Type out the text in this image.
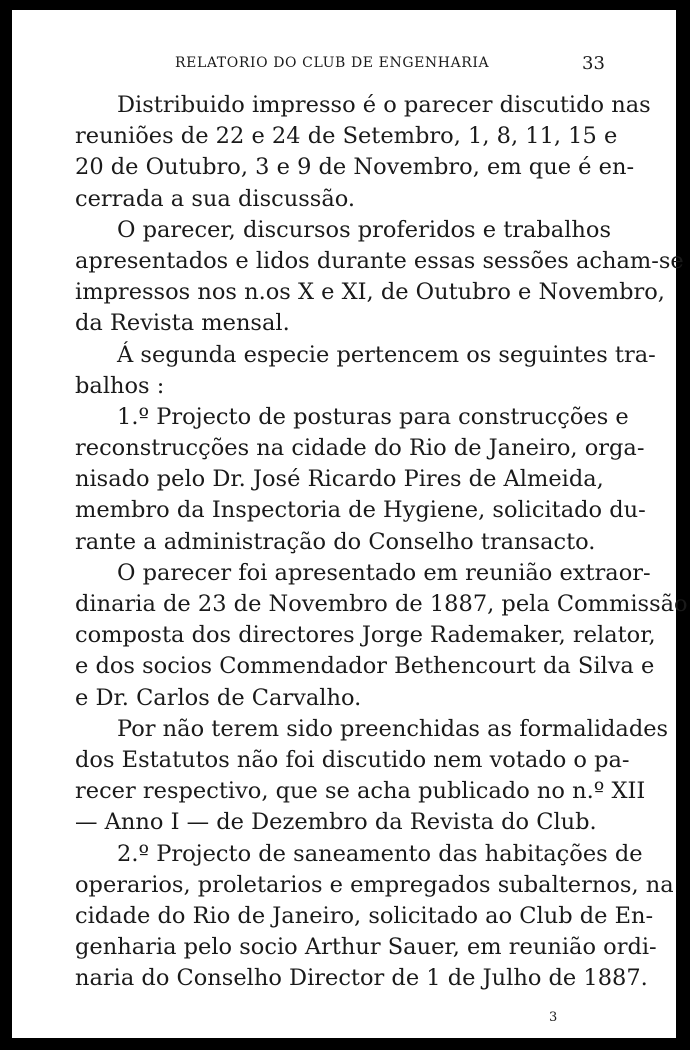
RELATORIO DO CLUB DE ENGENHARIA	33
Distribuido impresso é o parecer discutido nas
reuniões de 22 e 24 de Setembro, 1, 8, 11, 15 e
20 de Outubro, 3 e 9 de Novembro, em que é en-
cerrada a sua discussão.
O parecer, discursos proferidos e trabalhos
apresentados e lidos durante essas sessões acham-se
impressos nos n.os X e XI, de Outubro e Novembro,
da Revista mensal.
Á segunda especie pertencem os seguintes tra-
balhos :
1.º Projecto de posturas para construcções e
reconstrucções na cidade do Rio de Janeiro, orga-
nisado pelo Dr. José Ricardo Pires de Almeida,
membro da Inspectoria de Hygiene, solicitado du-
rante a administração do Conselho transacto.
O parecer foi apresentado em reunião extraor-
dinaria de 23 de Novembro de 1887, pela Commissão
composta dos directores Jorge Rademaker, relator,
e dos socios Commendador Bethencourt da Silva e
e Dr. Carlos de Carvalho.
Por não terem sido preenchidas as formalidades
dos Estatutos não foi discutido nem votado o pa-
recer respectivo, que se acha publicado no n.º XII
— Anno I — de Dezembro da Revista do Club.
2.º Projecto de saneamento das habitações de
operarios, proletarios e empregados subalternos, na
cidade do Rio de Janeiro, solicitado ao Club de En-
genharia pelo socio Arthur Sauer, em reunião ordi-
naria do Conselho Director de 1 de Julho de 1887.
3
